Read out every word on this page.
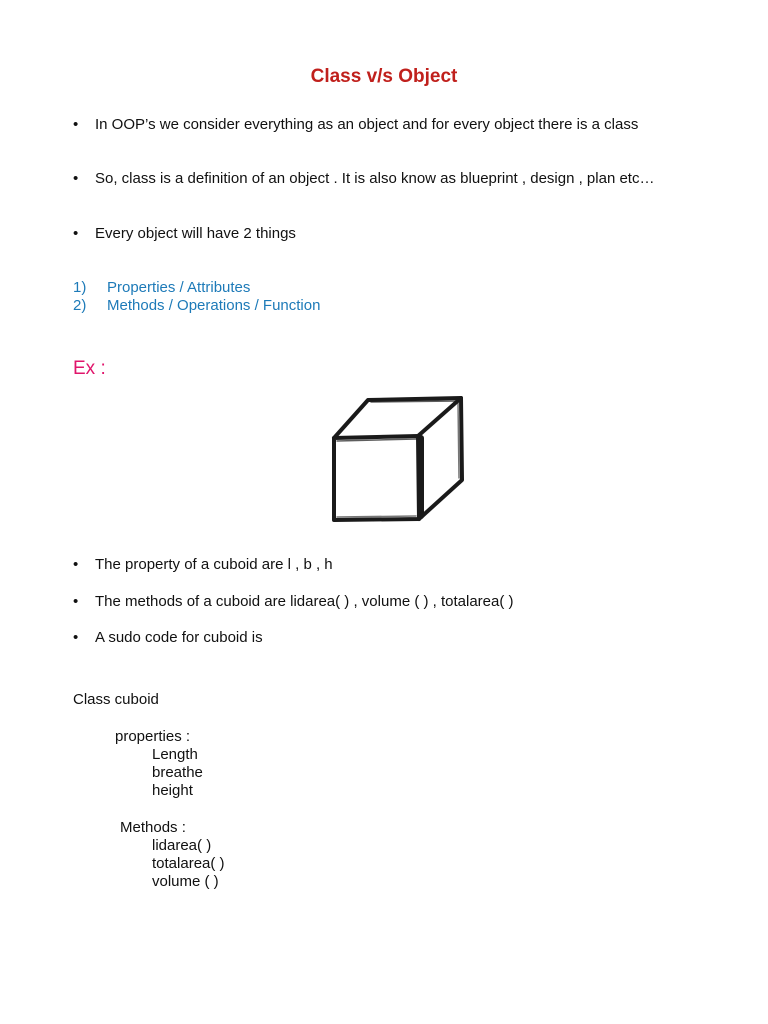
Class v/s Object
• In OOP’s we consider everything as an object and for every object there is a class
• So, class is a definition of an object . It is also know as blueprint , design , plan etc…
• Every object will have 2 things
1) Properties / Attributes
2) Methods / Operations / Function
Ex :
• The property of a cuboid are l , b , h
• The methods of a cuboid are lidarea( ) , volume ( ) , totalarea( )
• A sudo code for cuboid is
Class cuboid
properties :
Length
breathe
height
Methods :
lidarea( )
totalarea( )
volume ( )
